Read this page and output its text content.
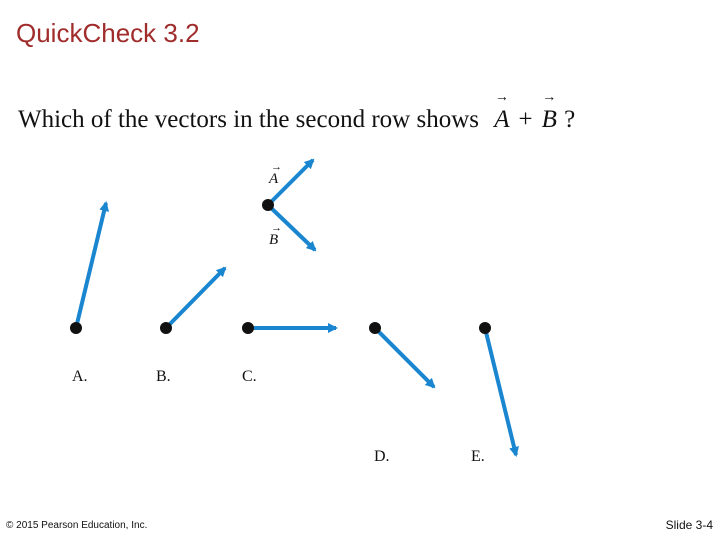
QuickCheck 3.2
Which of the vectors in the second row shows → A + → B ?
A
→
B
→
A.	B.	C.
D.	E.
© 2015 Pearson Education, Inc.	Slide 3-4
